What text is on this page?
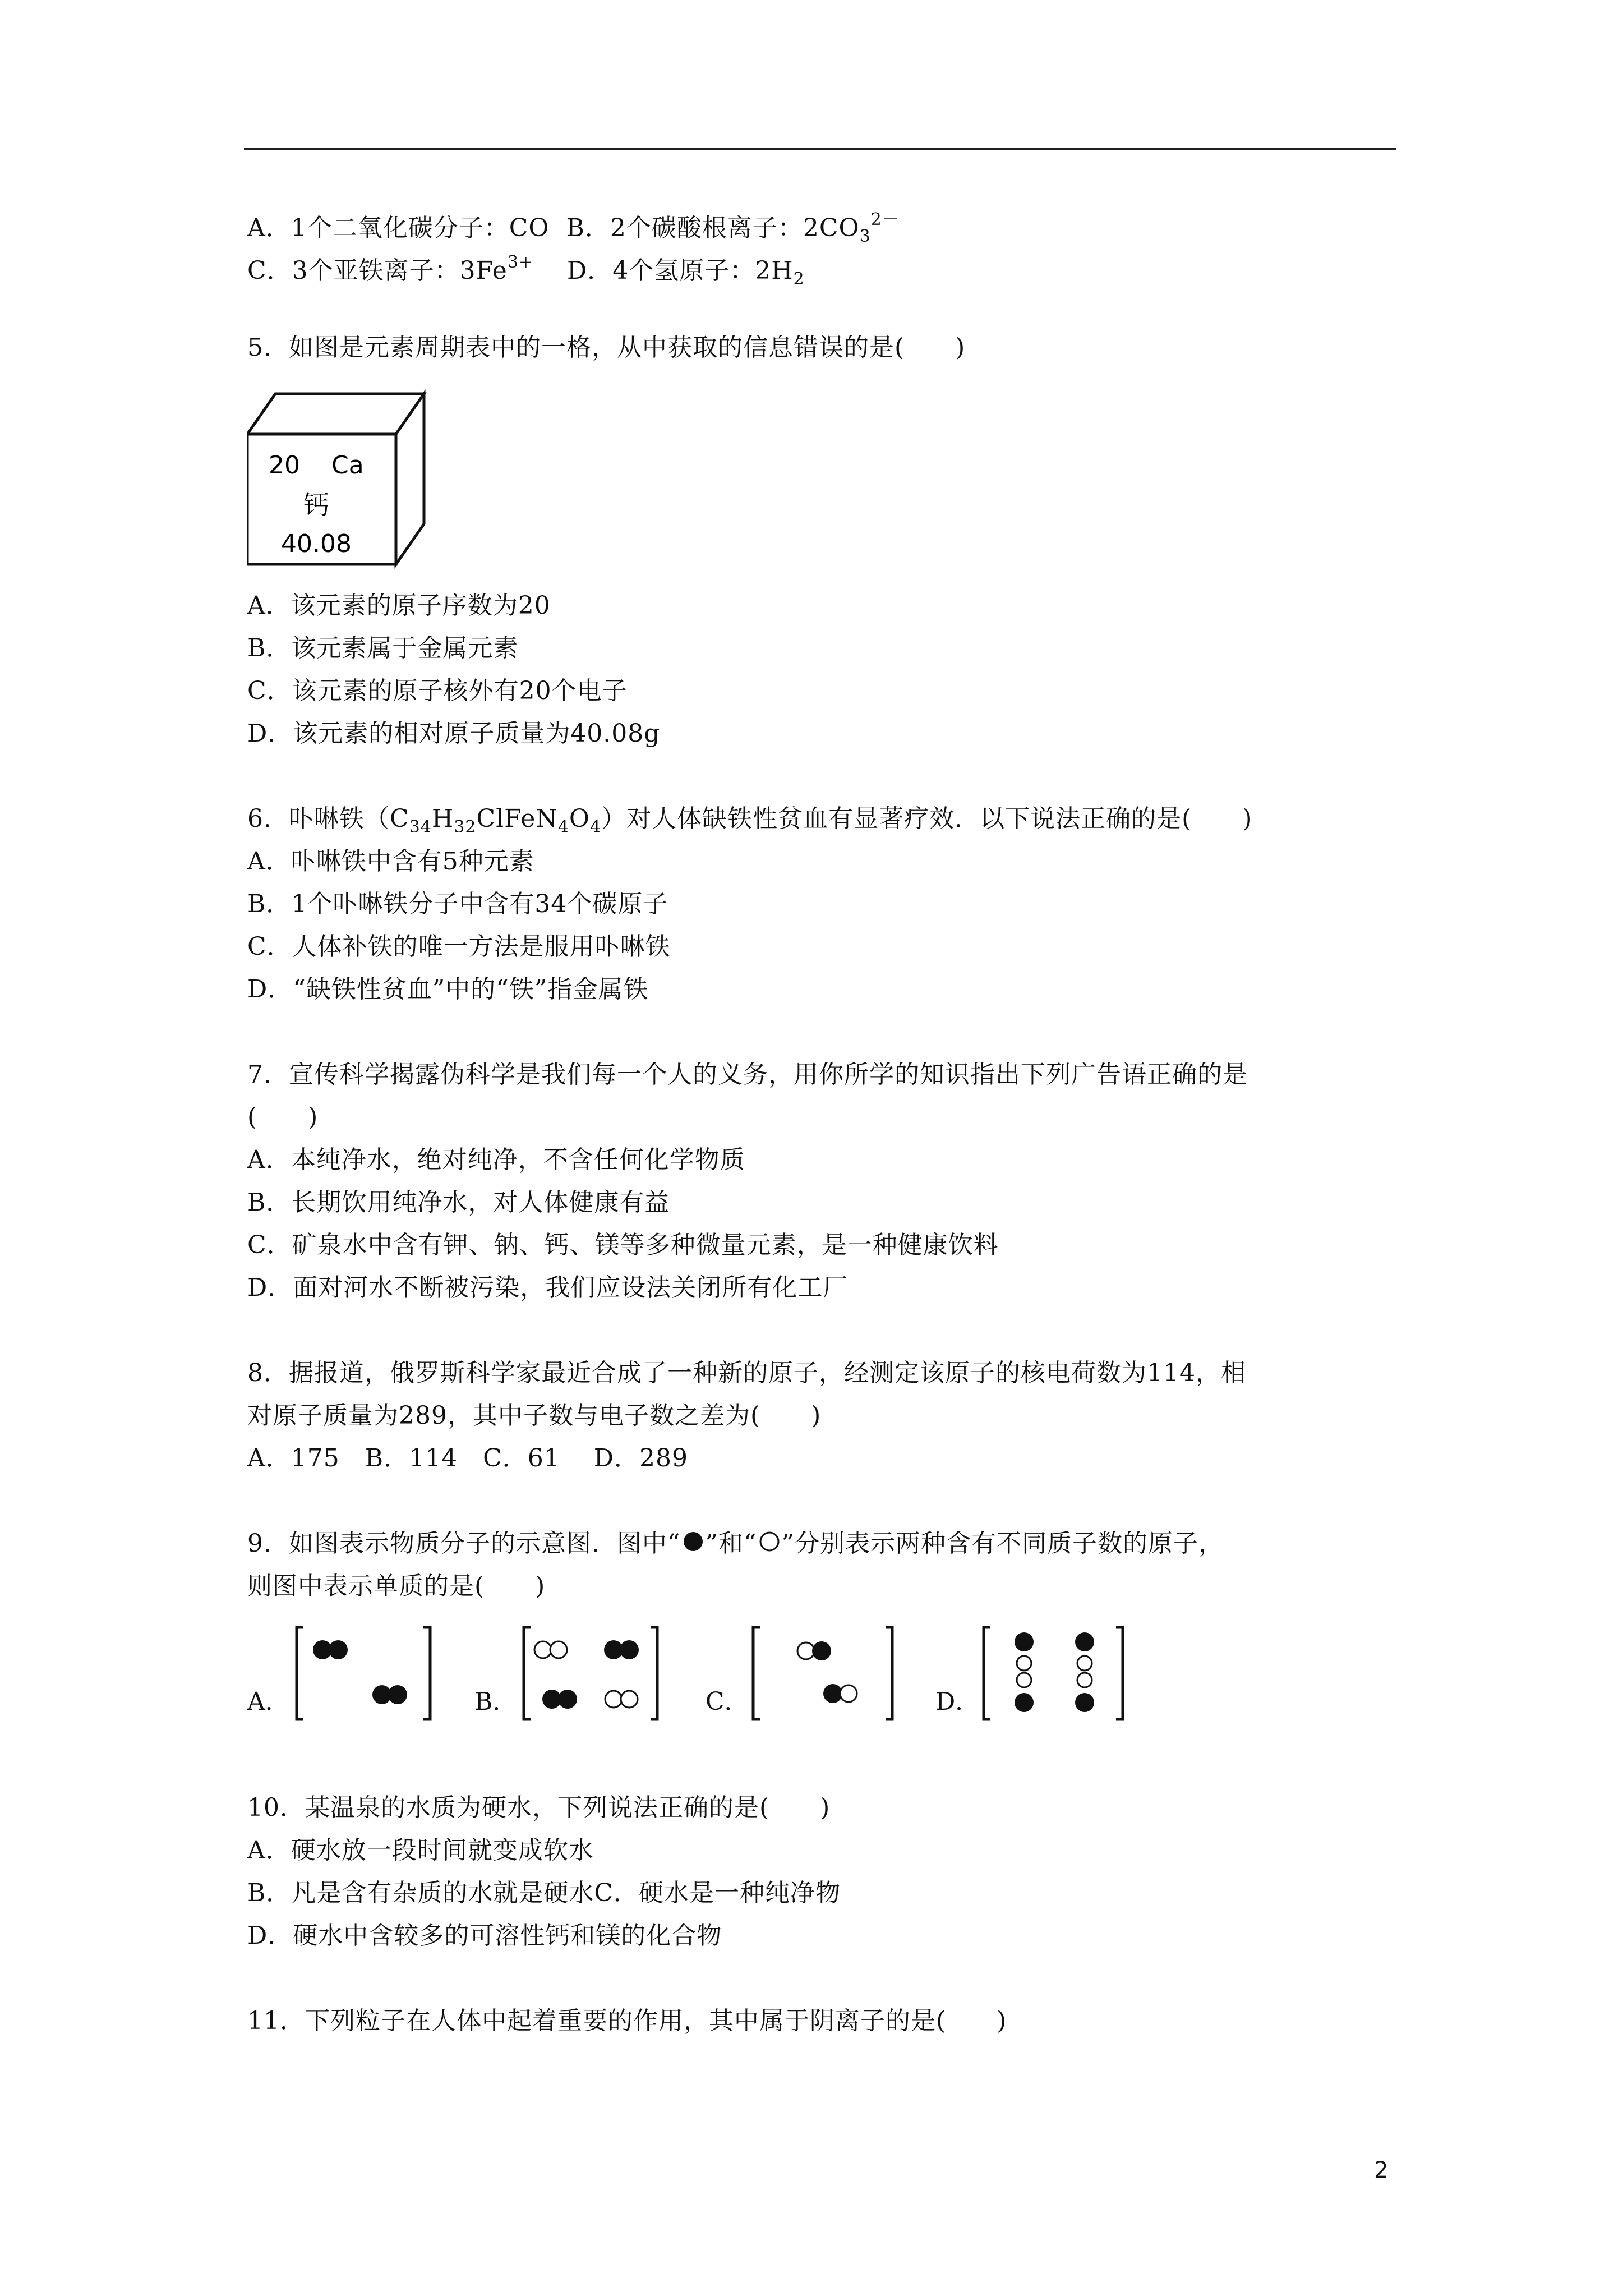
A．1个二氧化碳分子：CO B．2个碳酸根离子：$2CO_3^{2-}$
C．3个亚铁离子：$3Fe^{3+}$ D．4个氢原子：$2H_2$
5．如图是元素周期表中的一格，从中获取的信息错误的是(　　)
20 Ca
钙
40.08
A．该元素的原子序数为20
B．该元素属于金属元素
C．该元素的原子核外有20个电子
D．该元素的相对原子质量为40.08g
6．卟啉铁$(C_{34}H_{32}ClFeN_4O_4)$对人体缺铁性贫血有显著疗效．以下说法正确的是(　　)
A．卟啉铁中含有5种元素
B．1个卟啉铁分子中含有34个碳原子
C．人体补铁的唯一方法是服用卟啉铁
D．“缺铁性贫血”中的“铁”指金属铁
7．宣传科学揭露伪科学是我们每一个人的义务，用你所学的知识指出下列广告语正确的是
(　　)
A．本纯净水，绝对纯净，不含任何化学物质
B．长期饮用纯净水，对人体健康有益
C．矿泉水中含有钾、钠、钙、镁等多种微量元素，是一种健康饮料
D．面对河水不断被污染，我们应设法关闭所有化工厂
8．据报道，俄罗斯科学家最近合成了一种新的原子，经测定该原子的核电荷数为114，相
对原子质量为289，其中子数与电子数之差为(　　)
A．175　B．114　C．61　 D．289
9．如图表示物质分子的示意图．图中“ ”和“ ”分别表示两种含有不同质子数的原子，
则图中表示单质的是(　　)
A．	B．	C．	D．
10．某温泉的水质为硬水，下列说法正确的是(　　)
A．硬水放一段时间就变成软水
B．凡是含有杂质的水就是硬水C．硬水是一种纯净物
D．硬水中含较多的可溶性钙和镁的化合物
11．下列粒子在人体中起着重要的作用，其中属于阴离子的是(　　)
2
